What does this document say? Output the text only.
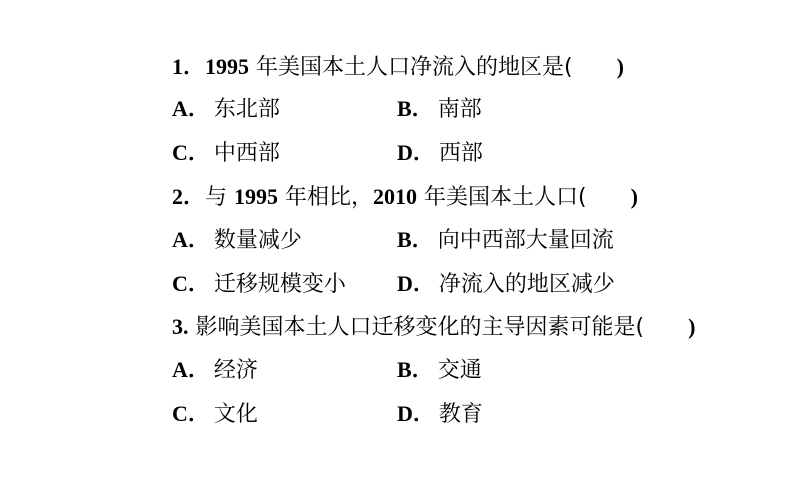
1．1995 年美国本土人口净流入的地区是(　　 )
A． 东北部	B． 南部
C． 中西部	D． 西部
2．与 1995 年相比，2010 年美国本土人口(　　 )
A． 数量减少	B． 向中西部大量回流
C． 迁移规模变小 D． 净流入的地区减少
3. 影响美国本土人口迁移变化的主导因素可能是(　　 )
A． 经济	B． 交通
C． 文化	D． 教育
